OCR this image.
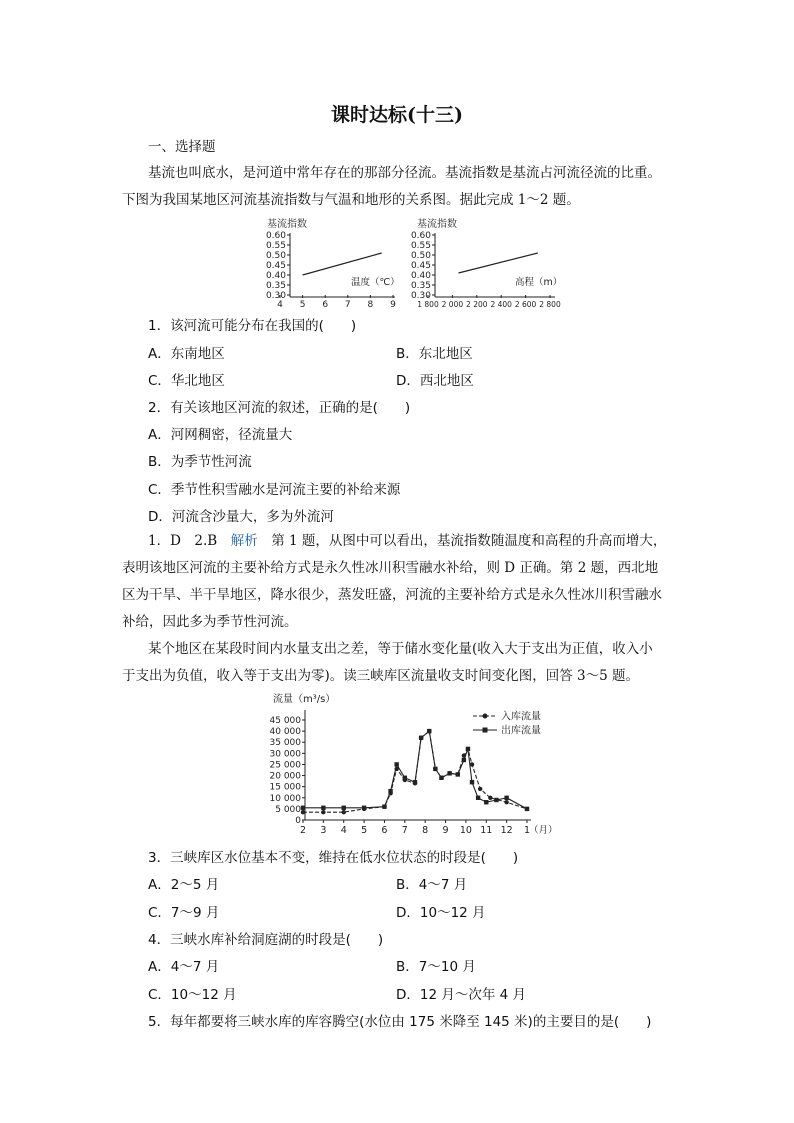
课时达标(十三)
一、选择题
基流也叫底水，是河道中常年存在的那部分径流。基流指数是基流占河流径流的比重。
下图为我国某地区河流基流指数与气温和地形的关系图。据此完成 1～2 题。
基流指数
0.60
0.55
0.50
0.45
0.40
0.35
0.30
4 5 6 7 8 9
温度（℃）
基流指数
0.60
0.55
0.50
0.45
0.40
0.35
0.30
1 800 2 000 2 200 2 400 2 600 2 800
高程（m）
1．该河流可能分布在我国的(　　)
A．东南地区	B．东北地区
C．华北地区	D．西北地区
2．有关该地区河流的叙述，正确的是(　　)
A．河网稠密，径流量大
B．为季节性河流
C．季节性积雪融水是河流主要的补给来源
D．河流含沙量大，多为外流河
1．D　2.B　解析　第 1 题，从图中可以看出，基流指数随温度和高程的升高而增大，
表明该地区河流的主要补给方式是永久性冰川积雪融水补给，则 D 正确。第 2 题，西北地
区为干旱、半干旱地区，降水很少，蒸发旺盛，河流的主要补给方式是永久性冰川积雪融水
补给，因此多为季节性河流。
某个地区在某段时间内水量支出之差，等于储水变化量(收入大于支出为正值，收入小
于支出为负值，收入等于支出为零)。读三峡库区流量收支时间变化图，回答 3～5 题。
流量（m³/s）
45 000
40 000
35 000
30 000
25 000
20 000
15 000
10 000
5 000
0
2 3 4 5 6 7 8 9 10 11 12 1
（月）
入库流量
出库流量
3．三峡库区水位基本不变，维持在低水位状态的时段是(　　)
A．2～5 月	B．4～7 月
C．7～9 月	D．10～12 月
4．三峡水库补给洞庭湖的时段是(　　)
A．4～7 月	B．7～10 月
C．10～12 月	D．12 月～次年 4 月
5．每年都要将三峡水库的库容腾空(水位由 175 米降至 145 米)的主要目的是(　　)
